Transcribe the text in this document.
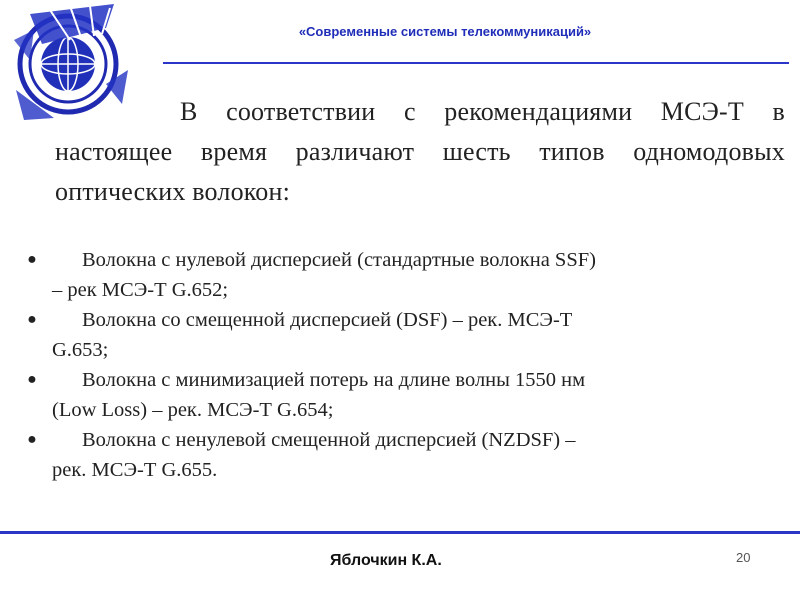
«Современные системы телекоммуникаций»
В соответствии с рекомендациями МСЭ-Т в настоящее время различают шесть типов одномодовых оптических волокон:
●	Волокна с нулевой дисперсией (стандартные волокна SSF)
– рек МСЭ-Т G.652;
●	Волокна со смещенной дисперсией (DSF) – рек. МСЭ-Т
G.653;
●	Волокна с минимизацией потерь на длине волны 1550 нм
(Low Loss) – рек. МСЭ-Т G.654;
●	Волокна с ненулевой смещенной дисперсией (NZDSF) –
рек. МСЭ-Т G.655.
Яблочкин К.А.	20
